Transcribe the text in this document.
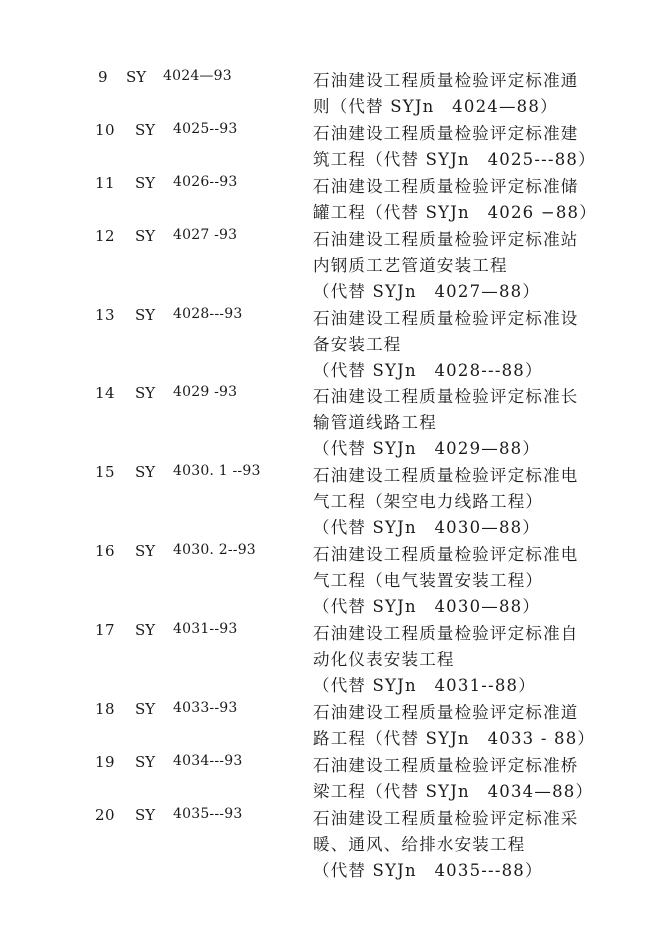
9 SY 4024—93	石油建设工程质量检验评定标准通
则（代替 SYJn　4024—88）
10 SY 4025--93	石油建设工程质量检验评定标准建
筑工程（代替 SYJn　4025---88）
11 SY 4026--93	石油建设工程质量检验评定标准储
罐工程（代替 SYJn　4026 −88）
12 SY 4027 -93	石油建设工程质量检验评定标准站
内钢质工艺管道安装工程
（代替 SYJn　4027—88）
13 SY 4028---93	石油建设工程质量检验评定标准设
备安装工程
（代替 SYJn　4028---88）
14 SY 4029 -93	石油建设工程质量检验评定标准长
输管道线路工程
（代替 SYJn　4029—88）
15 SY 4030. 1 --93	石油建设工程质量检验评定标准电
气工程（架空电力线路工程）
（代替 SYJn　4030—88）
16 SY 4030. 2--93	石油建设工程质量检验评定标准电
气工程（电气装置安装工程）
（代替 SYJn　4030—88）
17 SY 4031--93	石油建设工程质量检验评定标准自
动化仪表安装工程
（代替 SYJn　4031--88）
18 SY 4033--93	石油建设工程质量检验评定标准道
路工程（代替 SYJn　4033 - 88）
19 SY 4034---93	石油建设工程质量检验评定标准桥
梁工程（代替 SYJn　4034—88）
20 SY 4035---93	石油建设工程质量检验评定标准采
暖、通风、给排水安装工程
（代替 SYJn　4035---88）
